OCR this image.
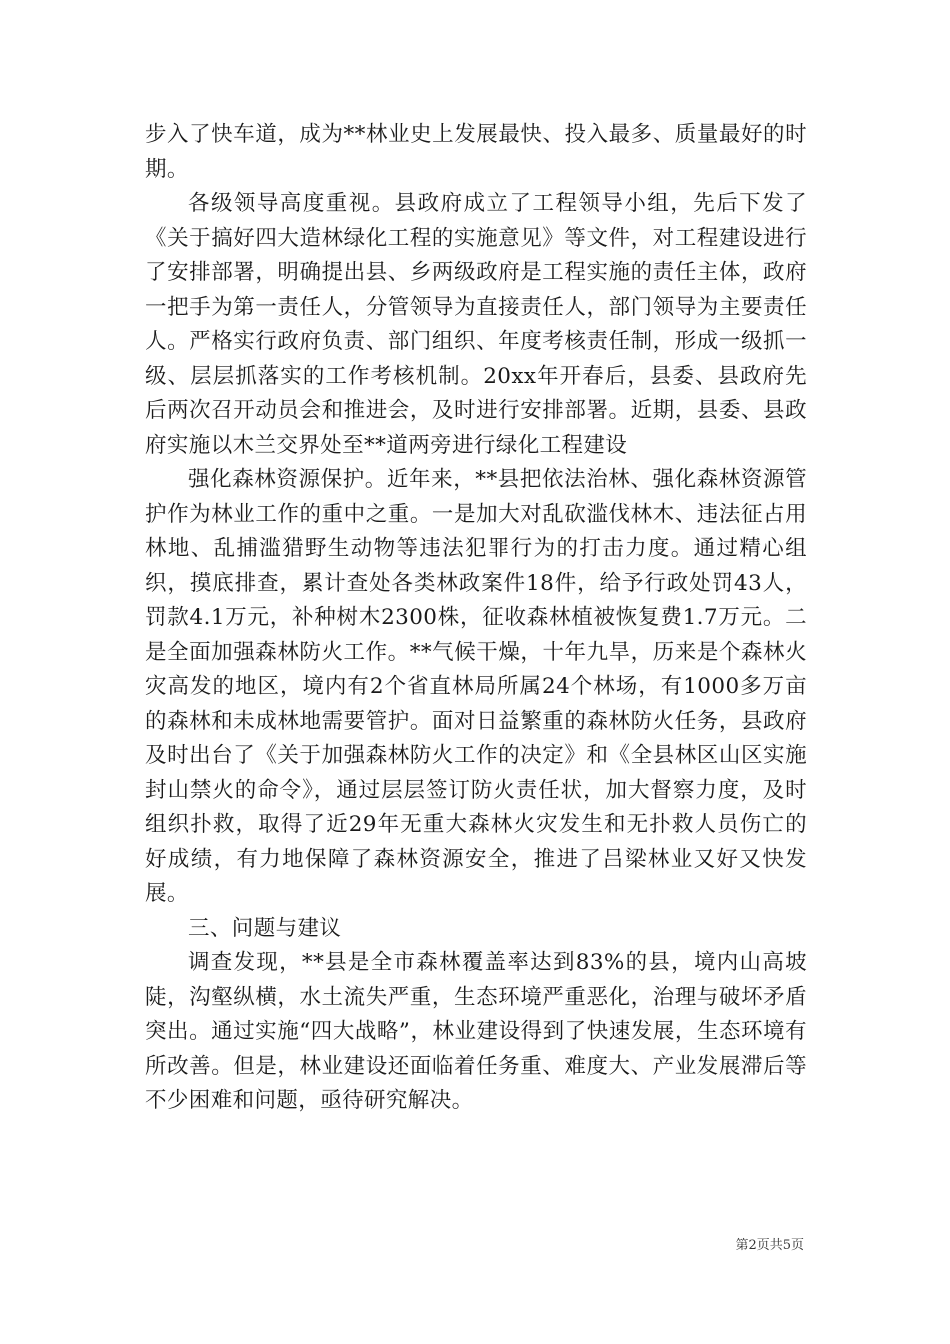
步入了快车道，成为**林业史上发展最快、投入最多、质量最好的时期。

各级领导高度重视。县政府成立了工程领导小组，先后下发了《关于搞好四大造林绿化工程的实施意见》等文件，对工程建设进行了安排部署，明确提出县、乡两级政府是工程实施的责任主体，政府一把手为第一责任人，分管领导为直接责任人，部门领导为主要责任人。严格实行政府负责、部门组织、年度考核责任制，形成一级抓一级、层层抓落实的工作考核机制。20xx年开春后，县委、县政府先后两次召开动员会和推进会，及时进行安排部署。近期，县委、县政府实施以木兰交界处至**道两旁进行绿化工程建设

强化森林资源保护。近年来，**县把依法治林、强化森林资源管护作为林业工作的重中之重。一是加大对乱砍滥伐林木、违法征占用林地、乱捕滥猎野生动物等违法犯罪行为的打击力度。通过精心组织，摸底排查，累计查处各类林政案件18件，给予行政处罚43人，罚款4.1万元，补种树木2300株，征收森林植被恢复费1.7万元。二是全面加强森林防火工作。**气候干燥，十年九旱，历来是个森林火灾高发的地区，境内有2个省直林局所属24个林场，有1000多万亩的森林和未成林地需要管护。面对日益繁重的森林防火任务，县政府及时出台了《关于加强森林防火工作的决定》和《全县林区山区实施封山禁火的命令》，通过层层签订防火责任状，加大督察力度，及时组织扑救，取得了近29年无重大森林火灾发生和无扑救人员伤亡的好成绩，有力地保障了森林资源安全，推进了吕梁林业又好又快发展。

三、问题与建议

调查发现，**县是全市森林覆盖率达到83%的县，境内山高坡陡，沟壑纵横，水土流失严重，生态环境严重恶化，治理与破坏矛盾突出。通过实施“四大战略”，林业建设得到了快速发展，生态环境有所改善。但是，林业建设还面临着任务重、难度大、产业发展滞后等不少困难和问题，亟待研究解决。

第2页共5页
